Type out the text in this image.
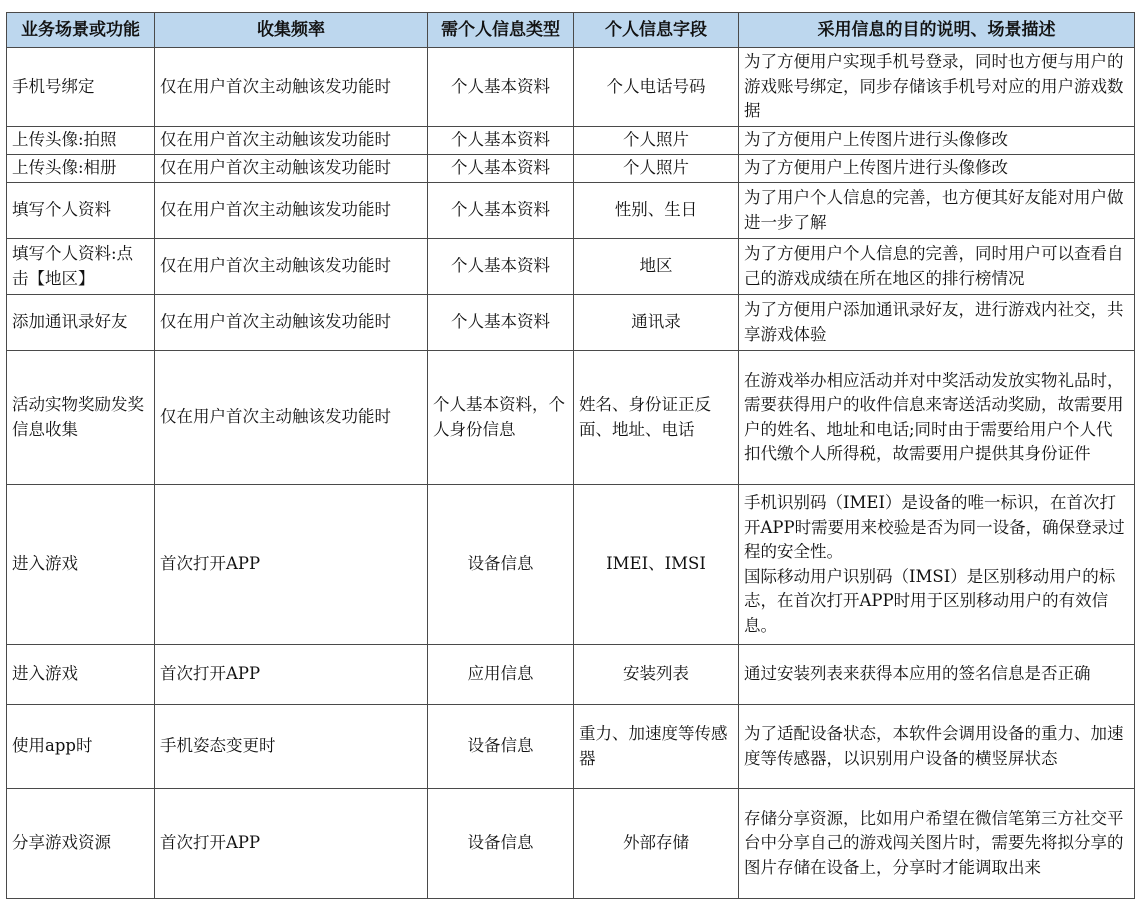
业务场景或功能	收集频率	需个人信息类型	个人信息字段	采用信息的目的说明、场景描述
手机号绑定	仅在用户首次主动触该发功能时	个人基本资料	个人电话号码	为了方便用户实现手机号登录，同时也方便与用户的游戏账号绑定，同步存储该手机号对应的用户游戏数据
上传头像:拍照	仅在用户首次主动触该发功能时	个人基本资料	个人照片	为了方便用户上传图片进行头像修改
上传头像:相册	仅在用户首次主动触该发功能时	个人基本资料	个人照片	为了方便用户上传图片进行头像修改
填写个人资料	仅在用户首次主动触该发功能时	个人基本资料	性别、生日	为了用户个人信息的完善，也方便其好友能对用户做进一步了解
填写个人资料:点击【地区】	仅在用户首次主动触该发功能时	个人基本资料	地区	为了方便用户个人信息的完善，同时用户可以查看自己的游戏成绩在所在地区的排行榜情况
添加通讯录好友	仅在用户首次主动触该发功能时	个人基本资料	通讯录	为了方便用户添加通讯录好友，进行游戏内社交，共享游戏体验
活动实物奖励发奖信息收集	仅在用户首次主动触该发功能时	个人基本资料，个人身份信息	姓名、身份证正反面、地址、电话	在游戏举办相应活动并对中奖活动发放实物礼品时，需要获得用户的收件信息来寄送活动奖励，故需要用户的姓名、地址和电话;同时由于需要给用户个人代扣代缴个人所得税，故需要用户提供其身份证件
进入游戏	首次打开APP	设备信息	IMEI、IMSI	手机识别码（IMEI）是设备的唯一标识，在首次打开APP时需要用来校验是否为同一设备，确保登录过程的安全性。
国际移动用户识别码（IMSI）是区别移动用户的标志，在首次打开APP时用于区别移动用户的有效信息。

进入游戏	首次打开APP	应用信息	安装列表	通过安装列表来获得本应用的签名信息是否正确
使用app时	手机姿态变更时	设备信息	重力、加速度等传感器	为了适配设备状态，本软件会调用设备的重力、加速度等传感器，以识别用户设备的横竖屏状态
分享游戏资源	首次打开APP	设备信息	外部存储	存储分享资源，比如用户希望在微信笔第三方社交平台中分享自己的游戏闯关图片时，需要先将拟分享的图片存储在设备上，分享时才能调取出来
